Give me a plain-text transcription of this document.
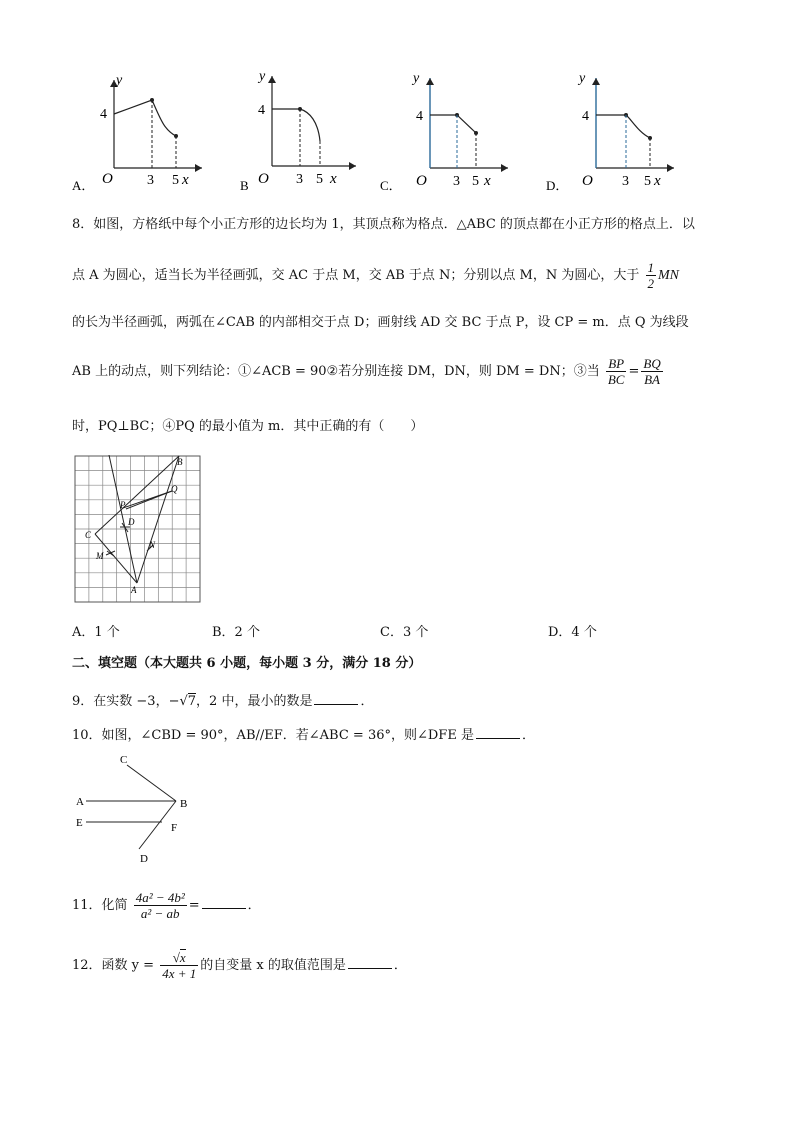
y
4
O 3 5 x
A．
y
4
O 3 5 x
B
y
4
O 3 5 x
C．
y
4
O 3 5 x
D．
8．如图，方格纸中每个小正方形的边长均为 1，其顶点称为格点．△ABC 的顶点都在小正方形的格点上．以
点 A 为圆心，适当长为半径画弧，交 AC 于点 M，交 AB 于点 N；分别以点 M，N 为圆心，大于 $\frac{1}{2}$ MN
的长为半径画弧，两弧在∠CAB 的内部相交于点 D；画射线 AD 交 BC 于点 P，设 CP = m．点 Q 为线段
AB 上的动点，则下列结论：①∠ACB = 90②若分别连接 DM，DN，则 DM = DN；③当 $\frac{BP}{BC} = \frac{BQ}{BA}$
时，PQ⊥BC；④PQ 的最小值为 m．其中正确的有（　　）
B
Q
P
D
C
N
M
A
A．1 个	B．2 个	C．3 个	D．4 个
二、填空题（本大题共 6 小题，每小题 3 分，满分 18 分）
9．在实数 −3，−√7，2 中，最小的数是	．
10．如图，∠CBD = 90°，AB//EF．若∠ABC = 36°，则∠DFE 是	．
C
A	B
E	F
D
11．化简 $\frac{\text{4a² − 4b²}}{\text{a² − ab}}$ =	．
12．函数 $y = \frac{√x}{4x + 1}$ 的自变量 x 的取值范围是	．
